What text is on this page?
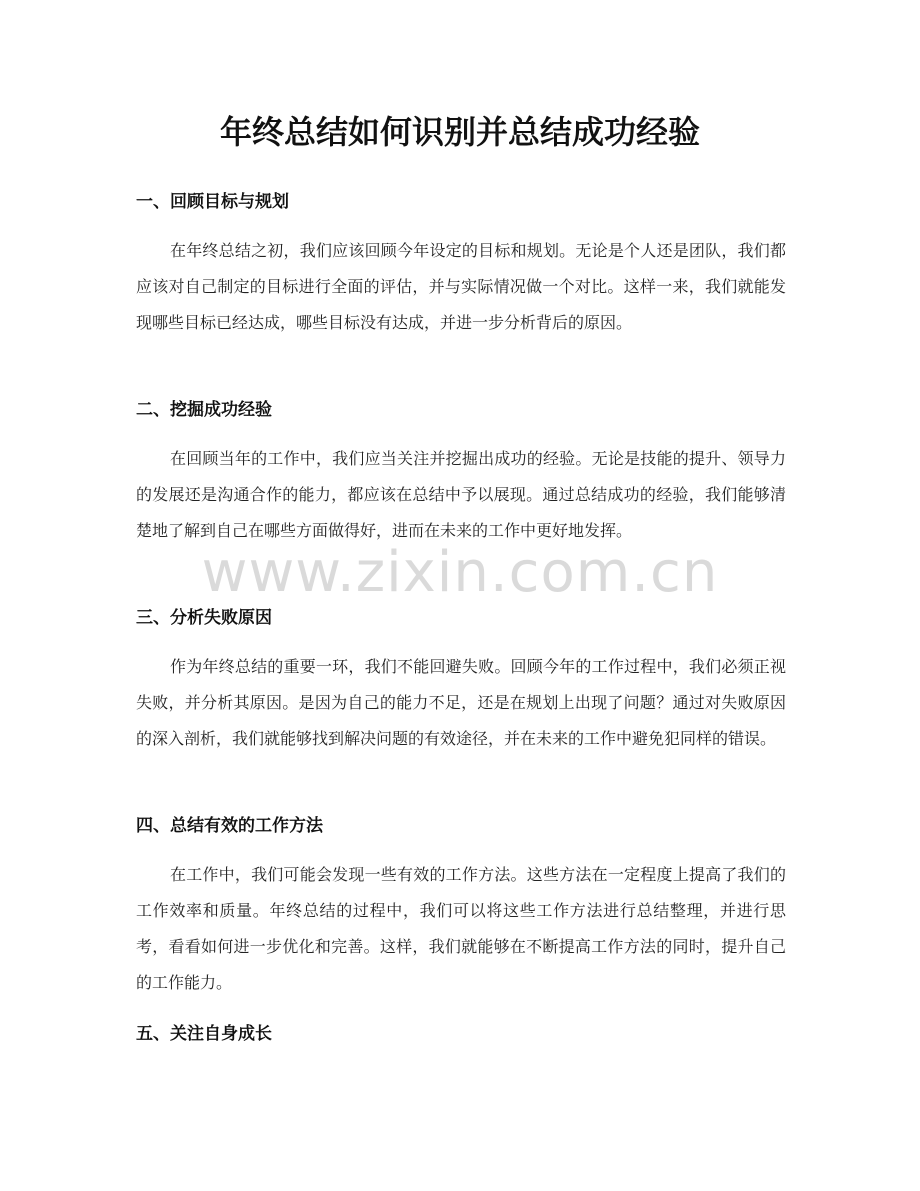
年终总结如何识别并总结成功经验
一、回顾目标与规划

在年终总结之初，我们应该回顾今年设定的目标和规划。无论是个人还是团队，我们都应该对自己制定的目标进行全面的评估，并与实际情况做一个对比。这样一来，我们就能发现哪些目标已经达成，哪些目标没有达成，并进一步分析背后的原因。

二、挖掘成功经验

在回顾当年的工作中，我们应当关注并挖掘出成功的经验。无论是技能的提升、领导力的发展还是沟通合作的能力，都应该在总结中予以展现。通过总结成功的经验，我们能够清楚地了解到自己在哪些方面做得好，进而在未来的工作中更好地发挥。

三、分析失败原因

作为年终总结的重要一环，我们不能回避失败。回顾今年的工作过程中，我们必须正视失败，并分析其原因。是因为自己的能力不足，还是在规划上出现了问题？通过对失败原因的深入剖析，我们就能够找到解决问题的有效途径，并在未来的工作中避免犯同样的错误。

四、总结有效的工作方法

在工作中，我们可能会发现一些有效的工作方法。这些方法在一定程度上提高了我们的工作效率和质量。年终总结的过程中，我们可以将这些工作方法进行总结整理，并进行思考，看看如何进一步优化和完善。这样，我们就能够在不断提高工作方法的同时，提升自己的工作能力。

五、关注自身成长
www.zixin.com.cn
